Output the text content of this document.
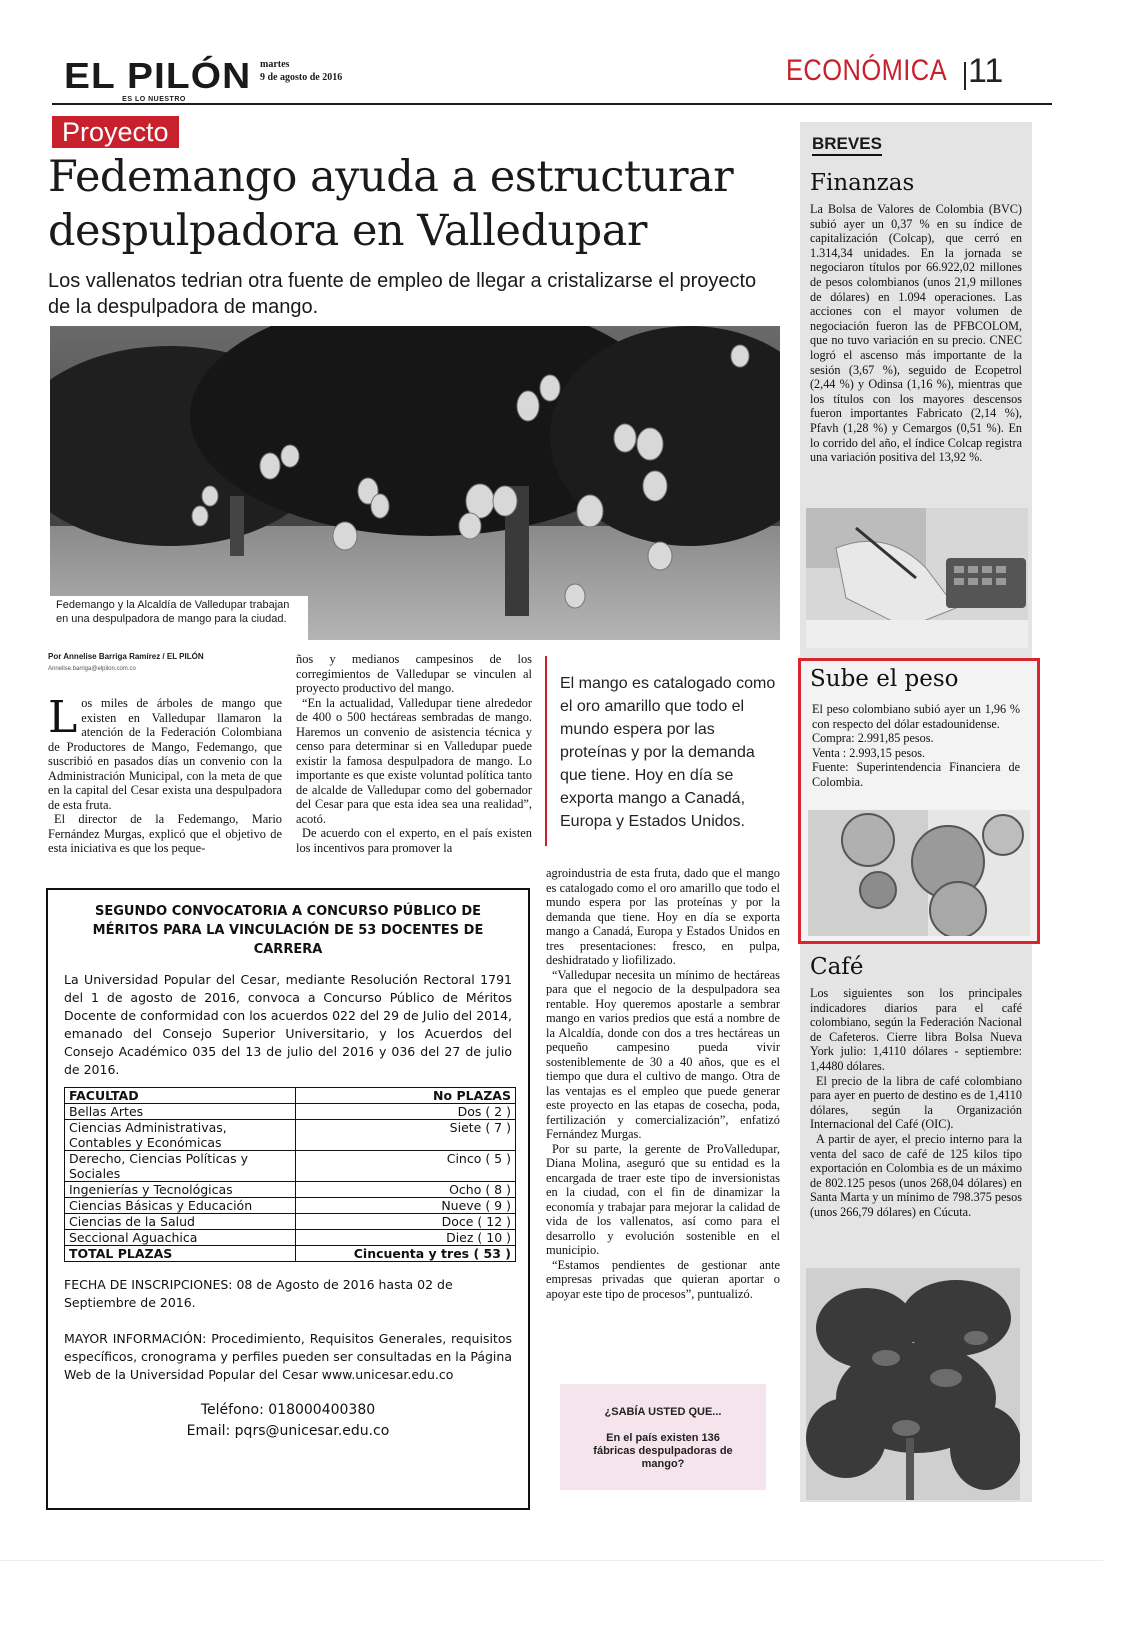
EL PILÓN
ES LO NUESTRO
martes
9 de agosto de 2016	ECONÓMICA 11
Proyecto
Fedemango ayuda a estructurar despulpadora en Valledupar
Los vallenatos tedrian otra fuente de empleo de llegar a cristalizarse el proyecto de la despulpadora de mango.
Fedemango y la Alcaldía de Valledupar trabajan en una despulpadora de mango para la ciudad.
Por Annelise Barriga Ramírez / EL PILÓN
Annelise.barriga@elpilon.com.co

Los miles de árboles de mango que existen en Valledupar llamaron la atención de la Federación Colombiana de Productores de Mango, Fedemango, que suscribió en pasados días un convenio con la Administración Municipal, con la meta de que en la capital del Cesar exista una despulpadora de esta fruta.

El director de la Fedemango, Mario Fernández Murgas, explicó que el objetivo de esta iniciativa es que los peque-

ños y medianos campesinos de los corregimientos de Valledupar se vinculen al proyecto productivo del mango.

“En la actualidad, Valledupar tiene alrededor de 400 o 500 hectáreas sembradas de mango. Haremos un convenio de asistencia técnica y censo para determinar si en Valledupar puede existir la famosa despulpadora de mango. Lo importante es que existe voluntad política tanto de alcalde de Valledupar como del gobernador del Cesar para que esta idea sea una realidad”, acotó.

De acuerdo con el experto, en el país existen los incentivos para promover la

El mango es catalogado como el oro amarillo que todo el mundo espera por las proteínas y por la demanda que tiene. Hoy en día se exporta mango a Canadá, Europa y Estados Unidos.

agroindustria de esta fruta, dado que el mango es catalogado como el oro amarillo que todo el mundo espera por las proteínas y por la demanda que tiene. Hoy en día se exporta mango a Canadá, Europa y Estados Unidos en tres presentaciones: fresco, en pulpa, deshidratado y liofilizado.

“Valledupar necesita un mínimo de hectáreas para que el negocio de la despulpadora sea rentable. Hoy queremos apostarle a sembrar mango en varios predios que está a nombre de la Alcaldía, donde con dos a tres hectáreas un pequeño campesino pueda vivir sosteniblemente de 30 a 40 años, que es el tiempo que dura el cultivo de mango. Otra de las ventajas es el empleo que puede generar este proyecto en las etapas de cosecha, poda, fertilización y comercialización”, enfatizó Fernández Murgas.

Por su parte, la gerente de ProValledupar, Diana Molina, aseguró que su entidad es la encargada de traer este tipo de inversionistas en la ciudad, con el fin de dinamizar la economía y trabajar para mejorar la calidad de vida de los vallenatos, así como para el desarrollo y evolución sostenible en el municipio.

“Estamos pendientes de gestionar ante empresas privadas que quieran aportar o apoyar este tipo de procesos”, puntualizó.

¿SABÍA USTED QUE...
En el país existen 136 fábricas despulpadoras de mango?
SEGUNDO CONVOCATORIA A CONCURSO PÚBLICO DE MÉRITOS PARA LA VINCULACIÓN DE 53 DOCENTES DE CARRERA
La Universidad Popular del Cesar, mediante Resolución Rectoral 1791 del 1 de agosto de 2016, convoca a Concurso Público de Méritos Docente de conformidad con los acuerdos 022 del 29 de Julio del 2014, emanado del Consejo Superior Universitario, y los Acuerdos del Consejo Académico 035 del 13 de julio del 2016 y 036 del 27 de julio de 2016.
FACULTAD	No PLAZAS
Bellas Artes	Dos ( 2 )
Ciencias Administrativas, Contables y Económicas	Siete ( 7 )
Derecho, Ciencias Políticas y Sociales	Cinco ( 5 )
Ingenierías y Tecnológicas	Ocho ( 8 )
Ciencias Básicas y Educación	Nueve ( 9 )
Ciencias de la Salud	Doce ( 12 )
Seccional Aguachica	Diez ( 10 )
TOTAL PLAZAS	Cincuenta y tres ( 53 )
FECHA DE INSCRIPCIONES: 08 de Agosto de 2016 hasta 02 de Septiembre de 2016.
MAYOR INFORMACIÓN: Procedimiento, Requisitos Generales, requisitos específicos, cronograma y perfiles pueden ser consultadas en la Página Web de la Universidad Popular del Cesar www.unicesar.edu.co
Teléfono: 018000400380
Email: pqrs@unicesar.edu.co
BREVES
Finanzas
La Bolsa de Valores de Colombia (BVC) subió ayer un 0,37 % en su índice de capitalización (Colcap), que cerró en 1.314,34 unidades. En la jornada se negociaron títulos por 66.922,02 millones de pesos colombianos (unos 21,9 millones de dólares) en 1.094 operaciones. Las acciones con el mayor volumen de negociación fueron las de PFBCOLOM, que no tuvo variación en su precio. CNEC logró el ascenso más importante de la sesión (3,67 %), seguido de Ecopetrol (2,44 %) y Odinsa (1,16 %), mientras que los títulos con los mayores descensos fueron importantes Fabricato (2,14 %), Pfavh (1,28 %) y Cemargos (0,51 %). En lo corrido del año, el índice Colcap registra una variación positiva del 13,92 %.
Sube el peso
El peso colombiano subió ayer un 1,96 % con respecto del dólar estadounidense.
Compra: 2.991,85 pesos.
Venta : 2.993,15 pesos.
Fuente: Superintendencia Financiera de Colombia.
Café

Los siguientes son los principales indicadores diarios para el café colombiano, según la Federación Nacional de Cafeteros. Cierre libra Bolsa Nueva York julio: 1,4110 dólares - septiembre: 1,4480 dólares.

El precio de la libra de café colombiano para ayer en puerto de destino es de 1,4110 dólares, según la Organización Internacional del Café (OIC).

A partir de ayer, el precio interno para la venta del saco de café de 125 kilos tipo exportación en Colombia es de un máximo de 802.125 pesos (unos 268,04 dólares) en Santa Marta y un mínimo de 798.375 pesos (unos 266,79 dólares) en Cúcuta.
